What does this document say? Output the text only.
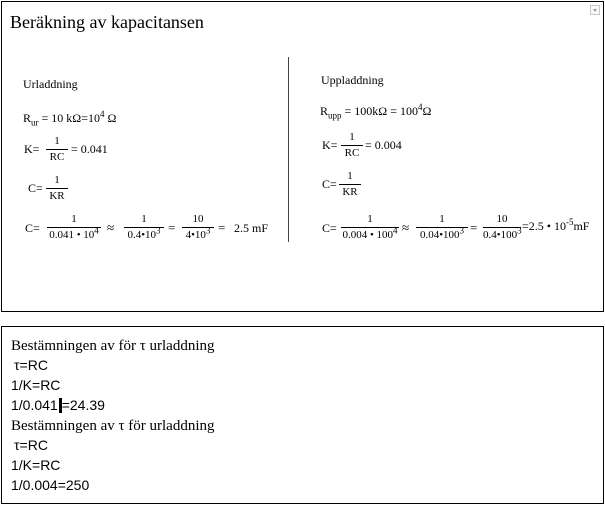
Beräkning av kapacitansen
Urladdning
$R_{ur} = 10$ $k\Omega=10^4$ Ω
K=
1
RC
= 0.041
C=
1
KR
C=
1
0.041 • $10^4$ ≈
1
$0.4•10^3$ =
10
$4•10^3 = 2.5$ mF
Uppladdning
$R_{upp} = 100k\Omega = 100^4\Omega$
K=
1
RC
= 0.004
C=
1
KR
C=
1
0.004 • $100^4$ ≈
1
$0.04•100^3$ =
10
$0.4•100^3 =2.5$ • $10^{-5}mF$
Bestämningen av för τ urladdning
τ=RC
1/K=RC
1/0.041 =24.39
Bestämningen av τ för urladdning
τ=RC
1/K=RC
1/0.004=250
